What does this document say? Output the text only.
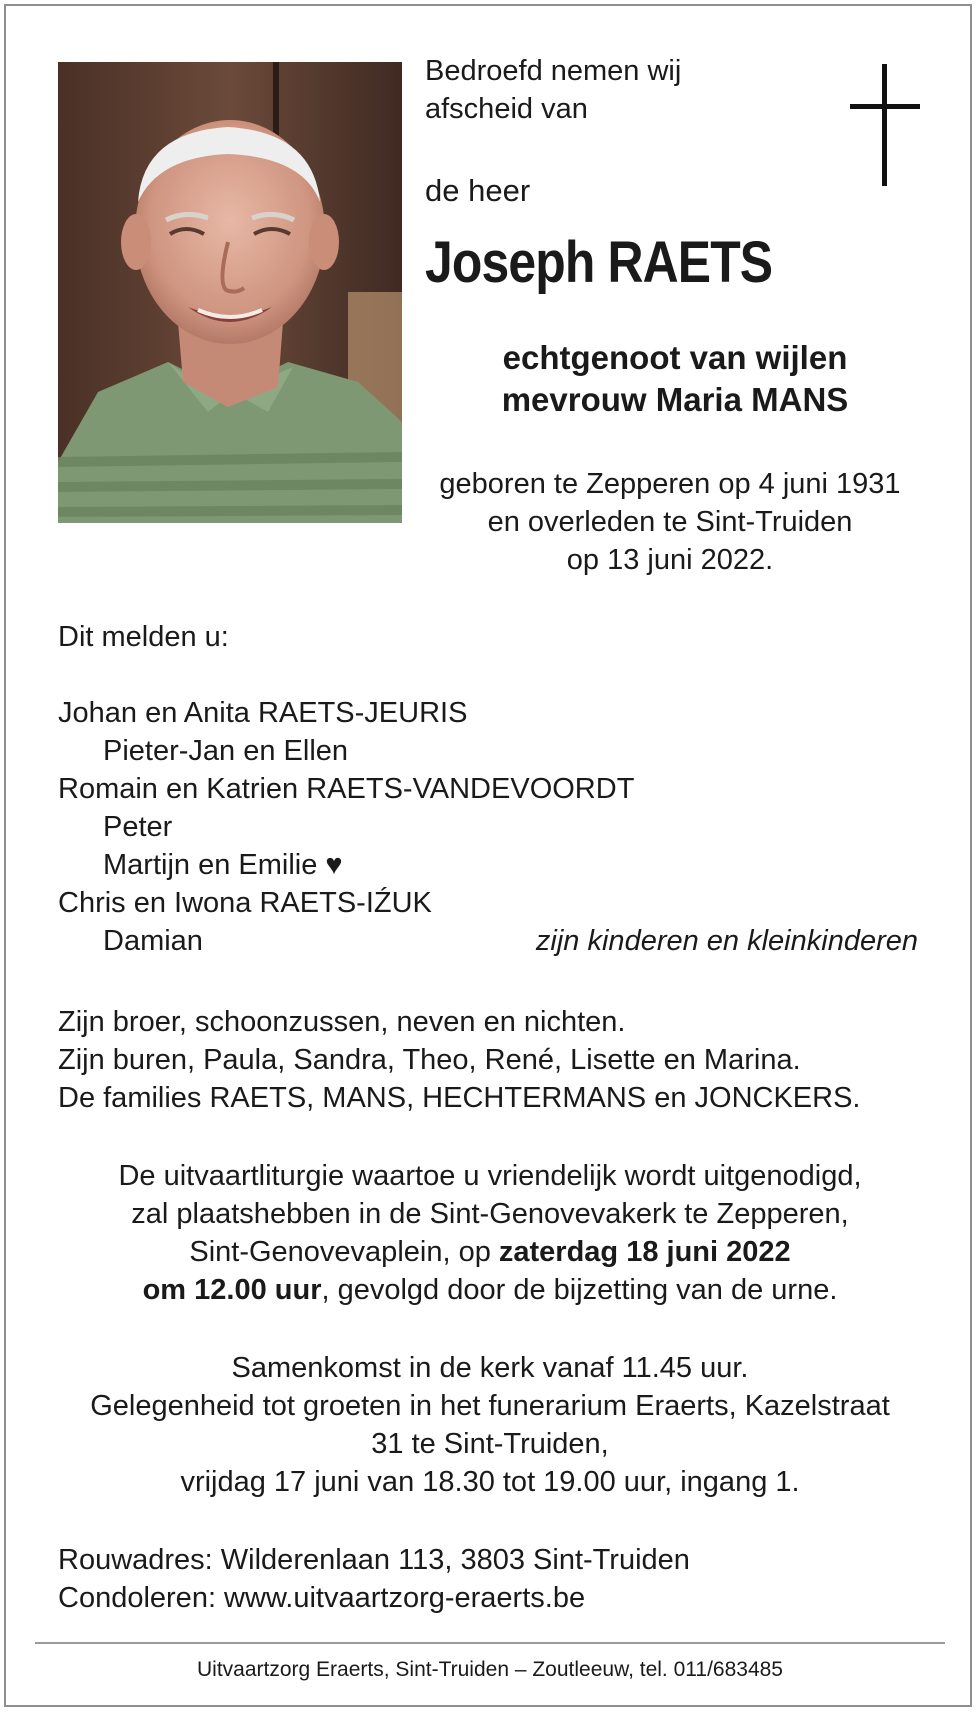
Bedroefd nemen wij
afscheid van
de heer
Joseph RAETS
echtgenoot van wijlen
mevrouw Maria MANS
geboren te Zepperen op 4 juni 1931
en overleden te Sint-Truiden
op 13 juni 2022.
Dit melden u:
Johan en Anita RAETS-JEURIS
Pieter-Jan en Ellen
Romain en Katrien RAETS-VANDEVOORDT
Peter
Martijn en Emilie ♥
Chris en Iwona RAETS-IŹUK
Damian	zijn kinderen en kleinkinderen
Zijn broer, schoonzussen, neven en nichten.
Zijn buren, Paula, Sandra, Theo, René, Lisette en Marina.
De families RAETS, MANS, HECHTERMANS en JONCKERS.
De uitvaartliturgie waartoe u vriendelijk wordt uitgenodigd,
zal plaatshebben in de Sint-Genovevakerk te Zepperen,
Sint-Genovevaplein, op zaterdag 18 juni 2022
om 12.00 uur, gevolgd door de bijzetting van de urne.
Samenkomst in de kerk vanaf 11.45 uur.
Gelegenheid tot groeten in het funerarium Eraerts, Kazelstraat
31 te Sint-Truiden,
vrijdag 17 juni van 18.30 tot 19.00 uur, ingang 1.
Rouwadres: Wilderenlaan 113, 3803 Sint-Truiden
Condoleren: www.uitvaartzorg-eraerts.be
Uitvaartzorg Eraerts, Sint-Truiden – Zoutleeuw, tel. 011/683485
